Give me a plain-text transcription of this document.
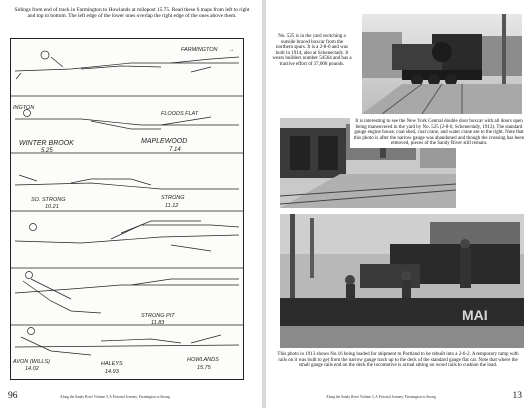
Sidings from end of track in Farmington to Howlands at milepost 15.75. Read these 6 maps from left to right and top to bottom. The left edge of the lower ones overlap the right edge of the ones above them.
FARMINGTON →
INGTON
FLOODS FLAT
WINTER BROOK
5.25
MAPLEWOOD
7.14
SO. STRONG
10.21
STRONG
11.12
STRONG PIT
11.83
AVON (WILLS)
14.02
HALEYS
14.93
HOWLANDS
15.75
96	Along the Sandy River Volume 3, A Pictorial Journey: Farmington to Strong
No. 525 is in the yard switching a outside braced boxcar from the northern spurs. It is a 2-8-0 and was built in 1914, also at Schenectady. It wears builders number 54564 and has a tractive effort of 37,000 pounds.
It is interesting to see the New York Central double door boxcar with all doors open being maneuvered in the yard by No. 525 (2-8-0, Schenectady, 1913). The standard gauge engine house, coal shed, coal crane, and water crane are to the right. Note that this photo is after the narrow gauge was abandoned and though the crossing has been removed, pieces of the Sandy River still remain.
MAI
This photo in 1913 shows No.16 being loaded for shipment to Portland to be rebuilt into a 2-6-2. A temporary ramp with rails on it was built to get from the narrow gauge track up to the deck of the standard gauge flat car. Note that where the small gauge rails end on the deck the locomotive is actual sitting on wood rails to cushion the load.
Along the Sandy River Volume 3, A Pictorial Journey: Farmington to Strong	13
